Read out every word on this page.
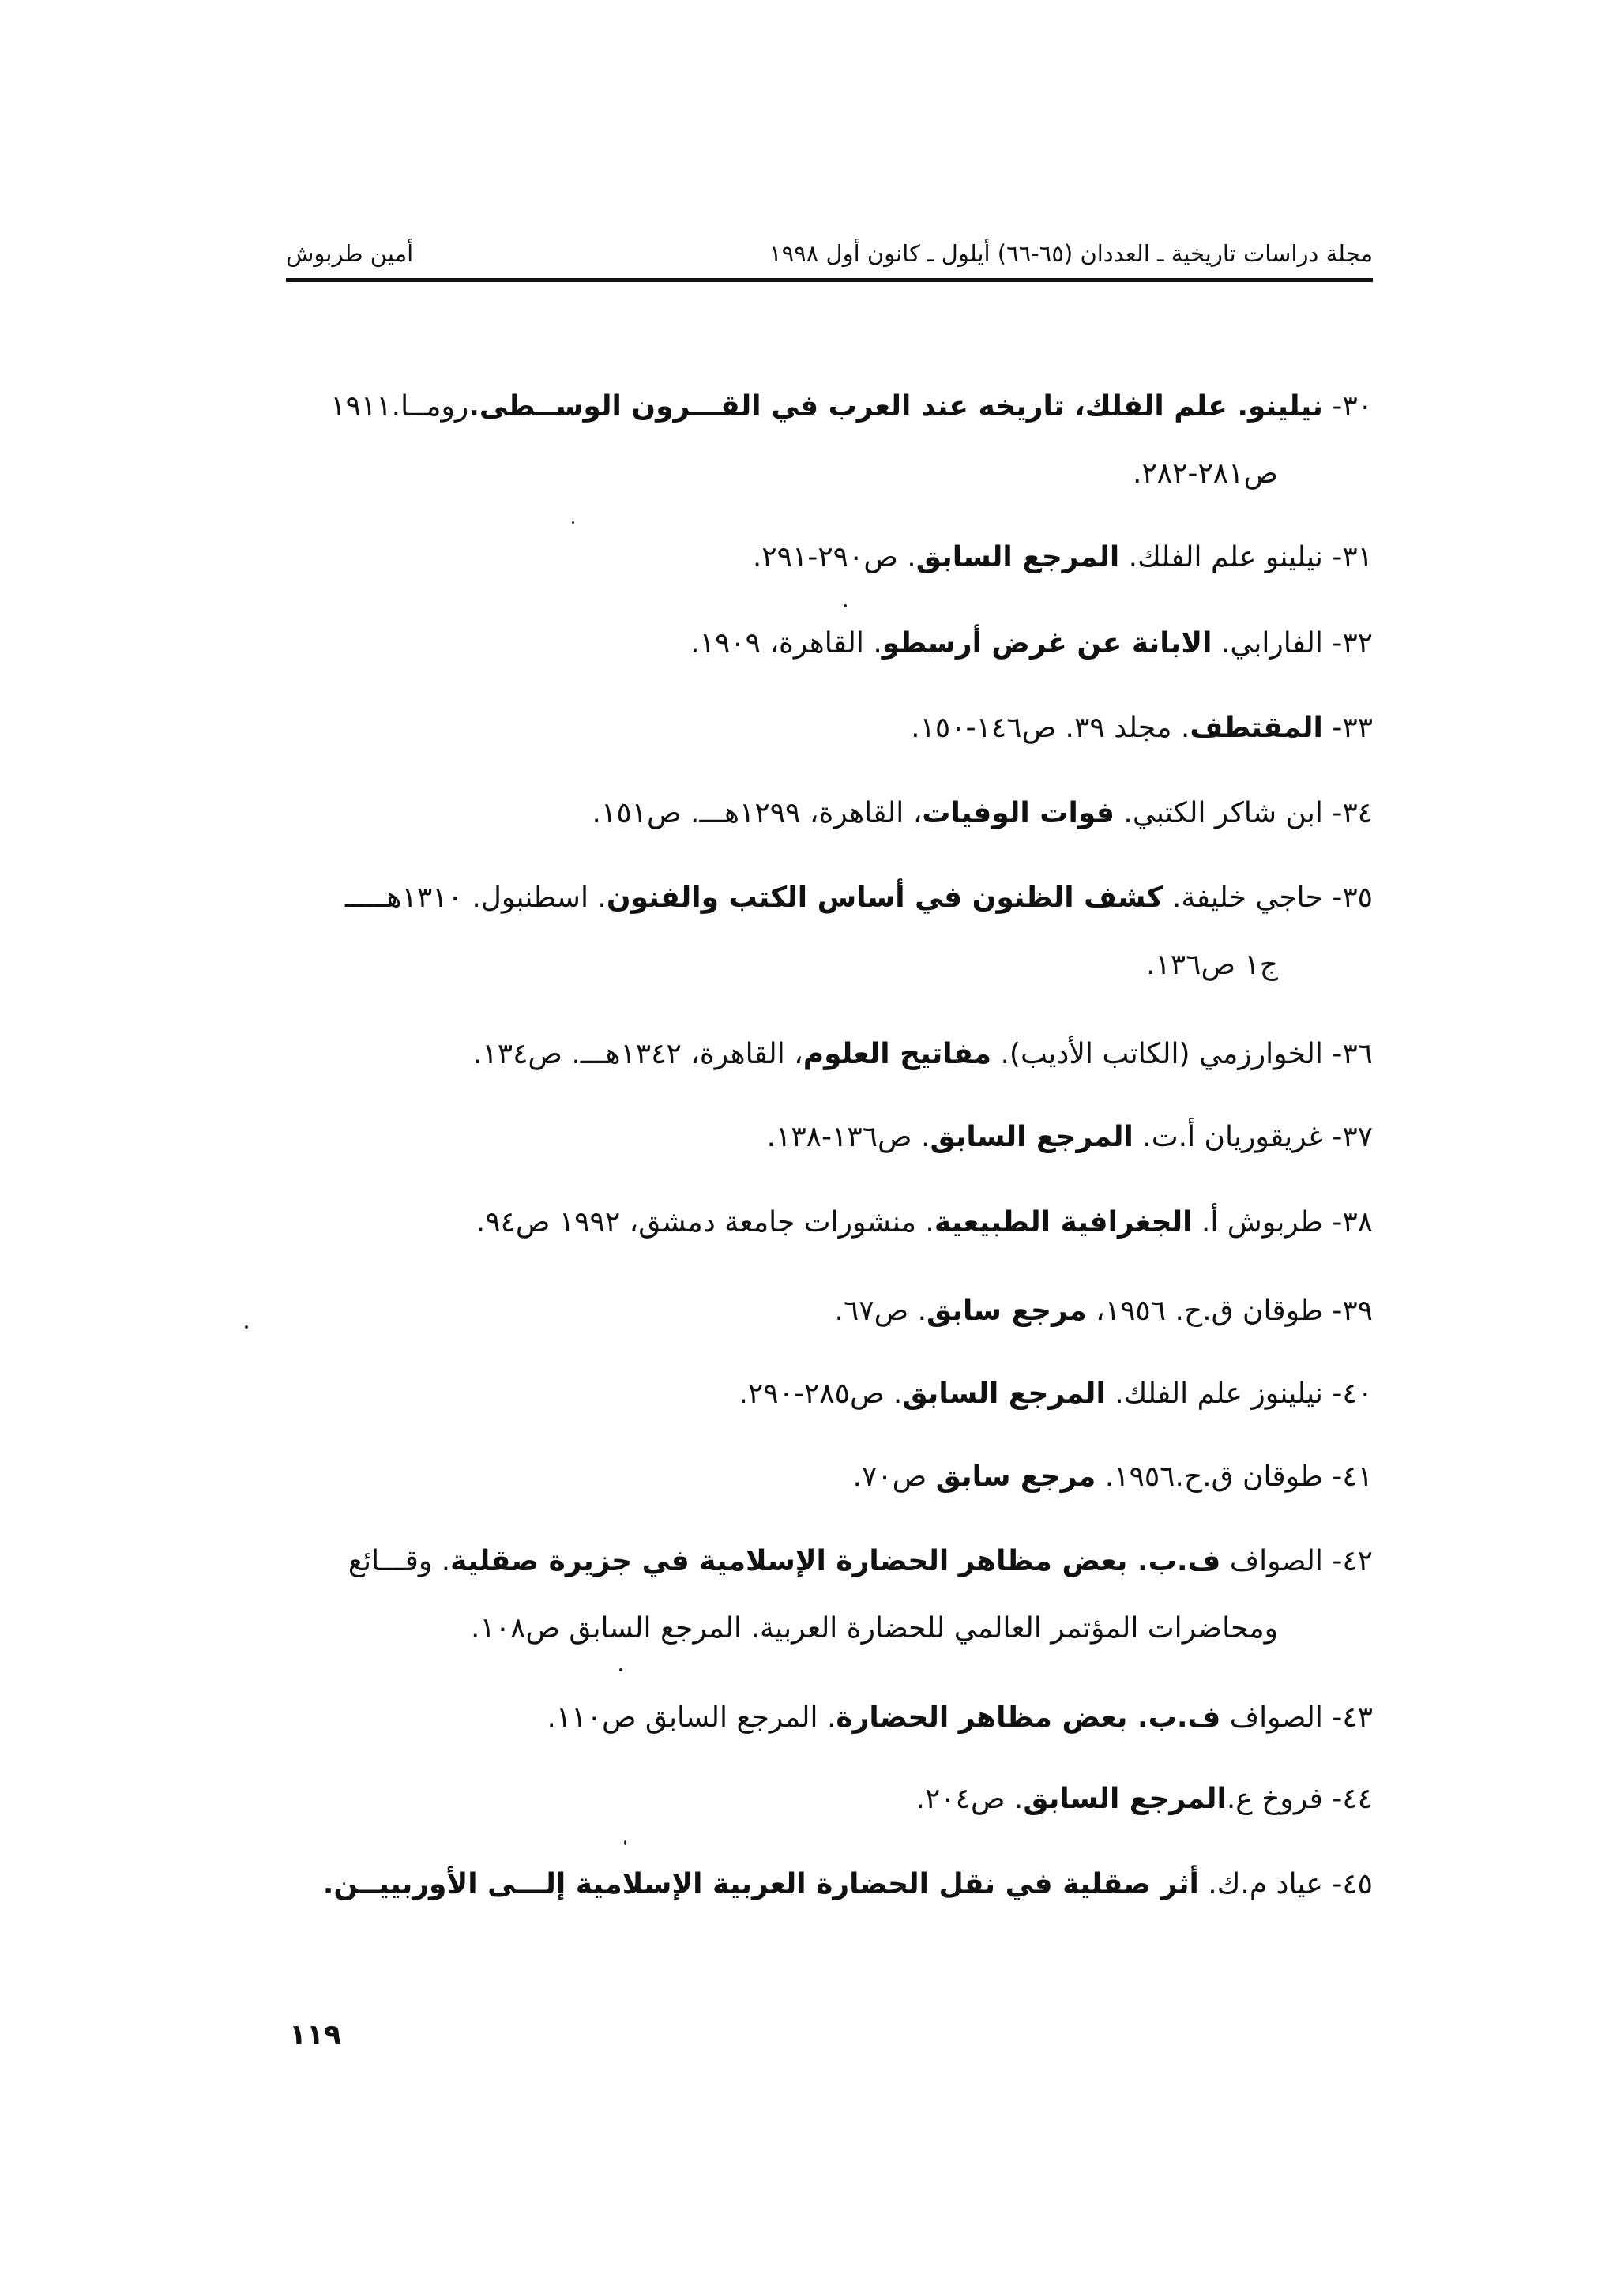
مجلة دراسات تاريخية ـ العددان (٦٥-٦٦) أيلول ـ كانون أول ١٩٩٨
أمين طربوش
٣٠- نيلينو. علم الفلك، تاريخه عند العرب في القـــرون الوســطى.رومــا.١٩١١
ص٢٨١-٢٨٢.
٣١- نيلينو علم الفلك. المرجع السابق. ص٢٩٠-٢٩١.
٣٢- الفارابي. الابانة عن غرض أرسطو. القاهرة، ١٩٠٩.
٣٣- المقتطف. مجلد ٣٩. ص١٤٦-١٥٠.
٣٤- ابن شاكر الكتبي. فوات الوفيات، القاهرة، ١٢٩٩هـــ. ص١٥١.
٣٥- حاجي خليفة. كشف الظنون في أساس الكتب والفنون. اسطنبول. ١٣١٠هـــــ
ج١ ص١٣٦.
٣٦- الخوارزمي (الكاتب الأديب). مفاتيح العلوم، القاهرة، ١٣٤٢هـــ. ص١٣٤.
٣٧- غريقوريان أ.ت. المرجع السابق. ص١٣٦-١٣٨.
٣٨- طربوش أ. الجغرافية الطبيعية. منشورات جامعة دمشق، ١٩٩٢ ص٩٤.
٣٩- طوقان ق.ح. ١٩٥٦، مرجع سابق. ص٦٧.
٤٠- نيلينوز علم الفلك. المرجع السابق. ص٢٨٥-٢٩٠.
٤١- طوقان ق.ح.١٩٥٦. مرجع سابق ص٧٠.
٤٢- الصواف ف.ب. بعض مظاهر الحضارة الإسلامية في جزيرة صقلية. وقـــائع
ومحاضرات المؤتمر العالمي للحضارة العربية. المرجع السابق ص١٠٨.
٤٣- الصواف ف.ب. بعض مظاهر الحضارة. المرجع السابق ص١١٠.
٤٤- فروخ ع.المرجع السابق. ص٢٠٤.
٤٥- عياد م.ك. أثر صقلية في نقل الحضارة العربية الإسلامية إلـــى الأوربييــن.
١١٩
